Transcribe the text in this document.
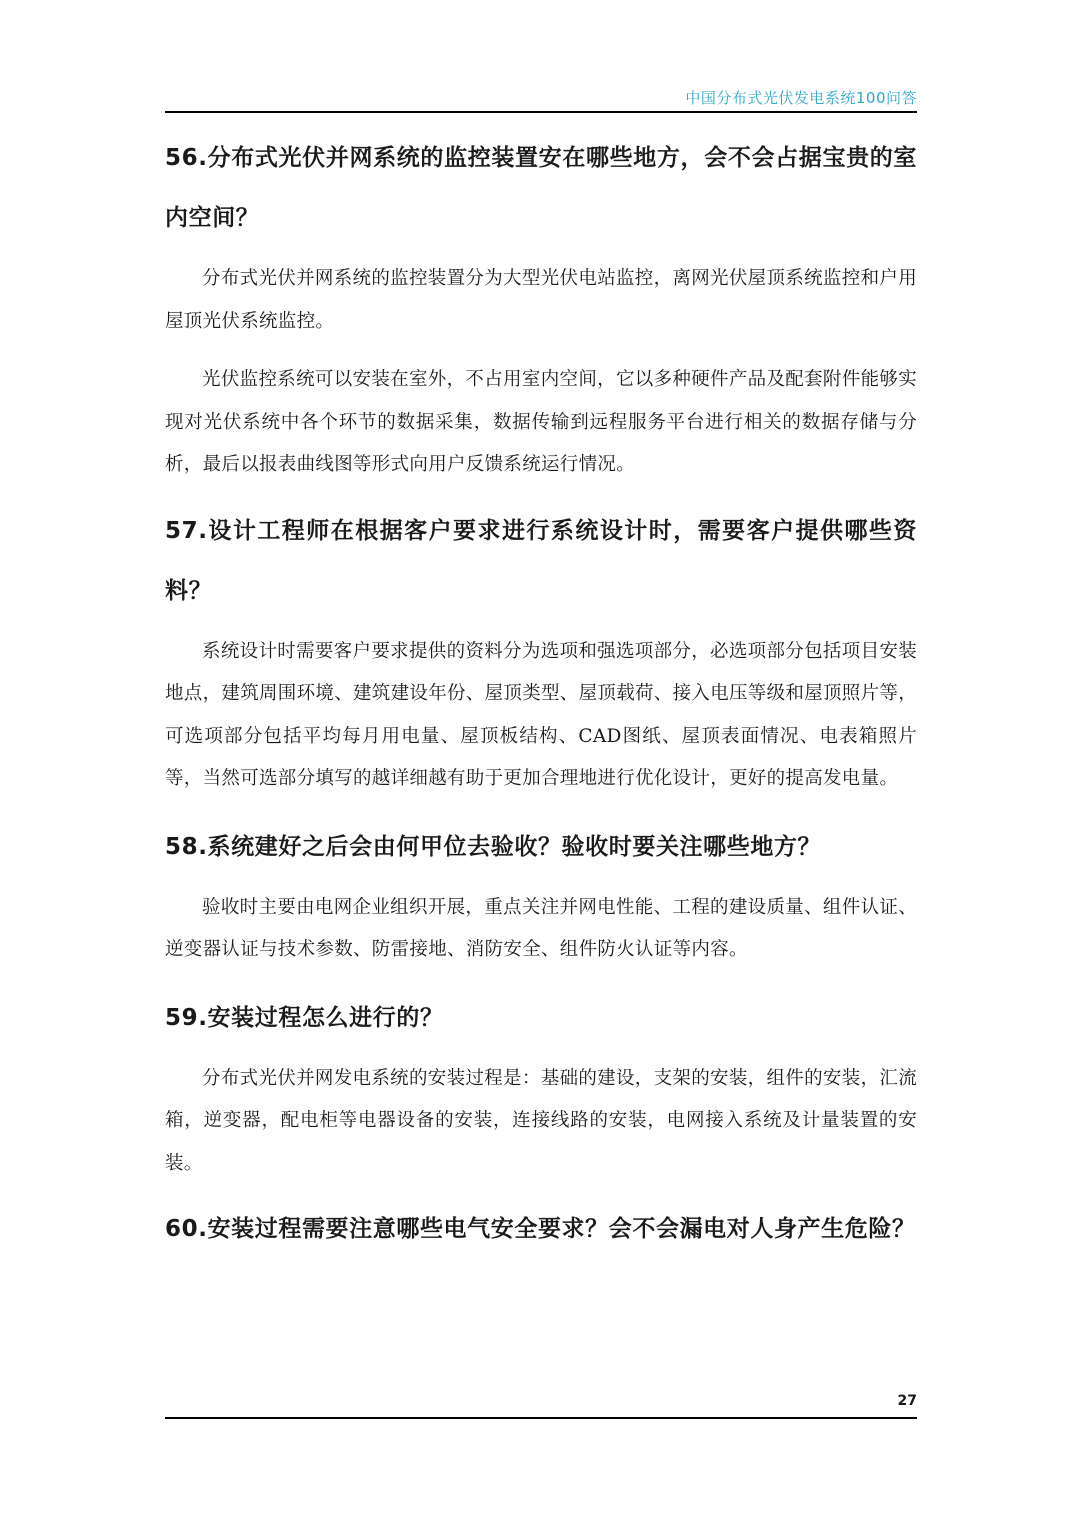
中国分布式光伏发电系统100问答
56.分布式光伏并网系统的监控装置安在哪些地方，会不会占据宝贵的室内空间？

分布式光伏并网系统的监控装置分为大型光伏电站监控，离网光伏屋顶系统监控和户用屋顶光伏系统监控。

光伏监控系统可以安装在室外，不占用室内空间，它以多种硬件产品及配套附件能够实现对光伏系统中各个环节的数据采集，数据传输到远程服务平台进行相关的数据存储与分析，最后以报表曲线图等形式向用户反馈系统运行情况。

57.设计工程师在根据客户要求进行系统设计时，需要客户提供哪些资料？

系统设计时需要客户要求提供的资料分为选项和强选项部分，必选项部分包括项目安装地点，建筑周围环境、建筑建设年份、屋顶类型、屋顶载荷、接入电压等级和屋顶照片等，可选项部分包括平均每月用电量、屋顶板结构、CAD图纸、屋顶表面情况、电表箱照片等，当然可选部分填写的越详细越有助于更加合理地进行优化设计，更好的提高发电量。

58.系统建好之后会由何甲位去验收？验收时要关注哪些地方？

验收时主要由电网企业组织开展，重点关注并网电性能、工程的建设质量、组件认证、逆变器认证与技术参数、防雷接地、消防安全、组件防火认证等内容。

59.安装过程怎么进行的？

分布式光伏并网发电系统的安装过程是：基础的建设，支架的安装，组件的安装，汇流箱，逆变器，配电柜等电器设备的安装，连接线路的安装，电网接入系统及计量装置的安装。

60.安装过程需要注意哪些电气安全要求？会不会漏电对人身产生危险？
27
